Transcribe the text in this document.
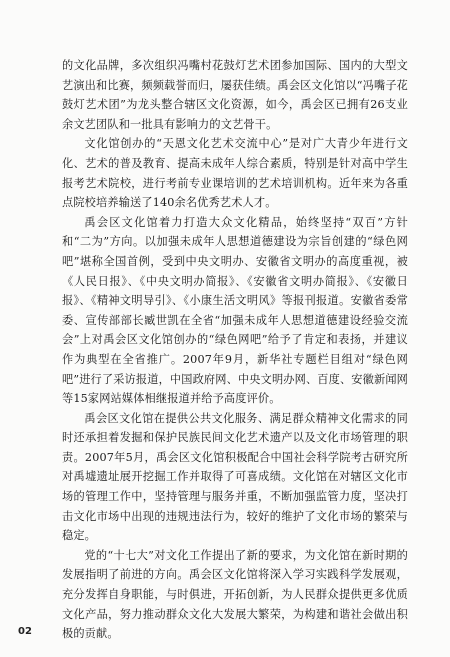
的文化品牌，多次组织冯嘴村花鼓灯艺术团参加国际、国内的大型文艺演出和比赛，频频载誉而归，屡获佳绩。禹会区文化馆以“冯嘴子花鼓灯艺术团”为龙头整合辖区文化资源，如今，禹会区已拥有26支业余文艺团队和一批具有影响力的文艺骨干。

文化馆创办的“天恩文化艺术交流中心”是对广大青少年进行文化、艺术的普及教育、提高未成年人综合素质，特别是针对高中学生报考艺术院校，进行考前专业课培训的艺术培训机构。近年来为各重点院校培养输送了140余名优秀艺术人才。

禹会区文化馆着力打造大众文化精品，始终坚持“双百”方针和“二为”方向。以加强未成年人思想道德建设为宗旨创建的“绿色网吧”堪称全国首例，受到中央文明办、安徽省文明办的高度重视，被《人民日报》、《中央文明办简报》、《安徽省文明办简报》、《安徽日报》、《精神文明导引》、《小康生活文明风》等报刊报道。安徽省委常委、宣传部部长臧世凯在全省“加强未成年人思想道德建设经验交流会”上对禹会区文化馆创办的“绿色网吧”给予了肯定和表扬，并建议作为典型在全省推广。2007年9月，新华社专题栏目组对“绿色网吧”进行了采访报道，中国政府网、中央文明办网、百度、安徽新闻网等15家网站媒体相继报道并给予高度评价。

禹会区文化馆在提供公共文化服务、满足群众精神文化需求的同时还承担着发掘和保护民族民间文化艺术遗产以及文化市场管理的职责。2007年5月，禹会区文化馆积极配合中国社会科学院考古研究所对禹墟遗址展开挖掘工作并取得了可喜成绩。文化馆在对辖区文化市场的管理工作中，坚持管理与服务并重，不断加强监管力度，坚决打击文化市场中出现的违规违法行为，较好的维护了文化市场的繁荣与稳定。

党的“十七大”对文化工作提出了新的要求，为文化馆在新时期的发展指明了前进的方向。禹会区文化馆将深入学习实践科学发展观，充分发挥自身职能，与时俱进，开拓创新，为人民群众提供更多优质文化产品，努力推动群众文化大发展大繁荣，为构建和谐社会做出积极的贡献。

02
